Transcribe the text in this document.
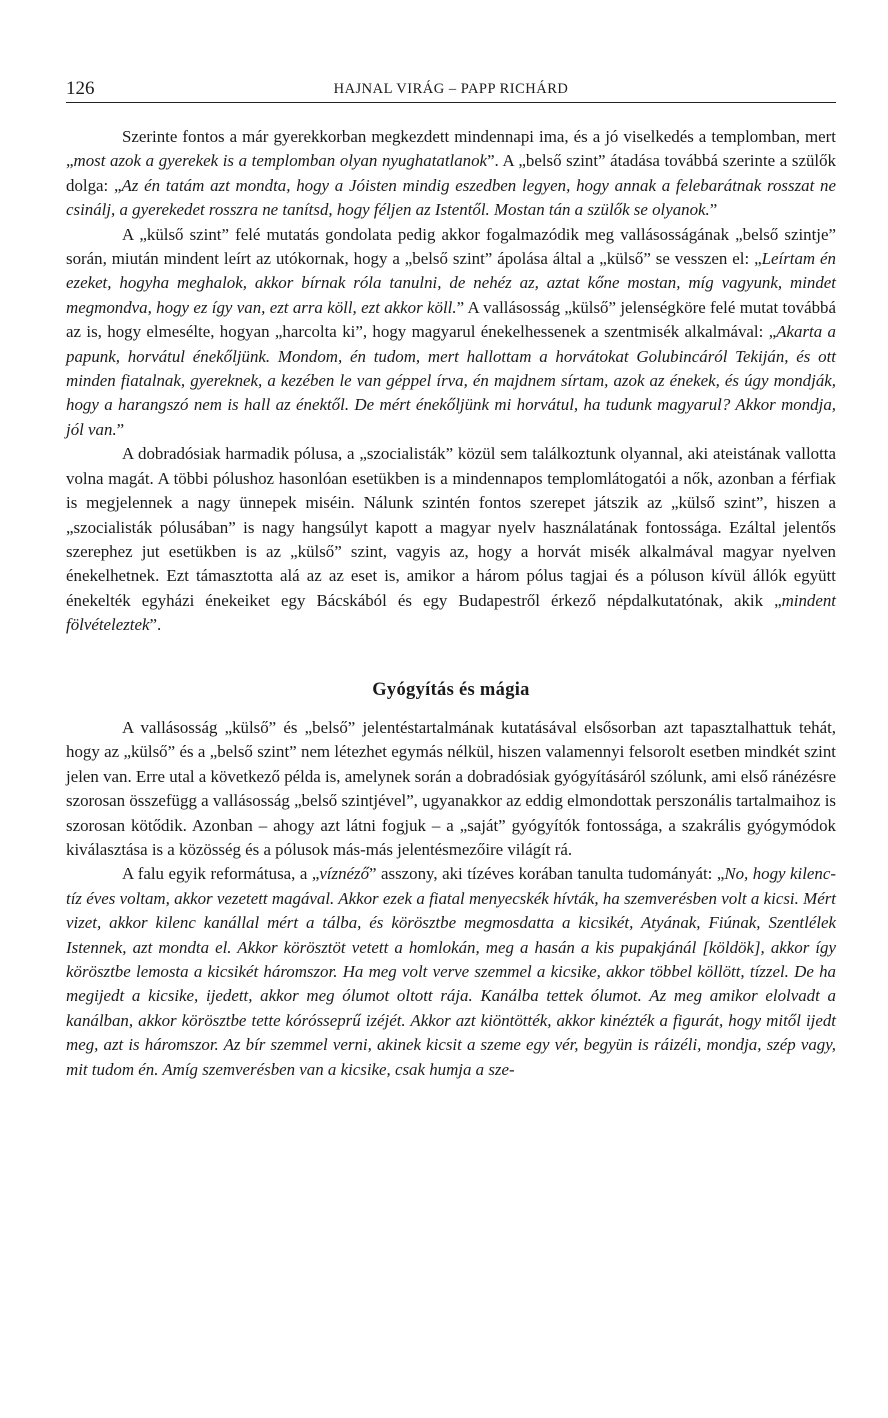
126	HAJNAL VIRÁG – PAPP RICHÁRD

Szerinte fontos a már gyerekkorban megkezdett mindennapi ima, és a jó viselkedés a templomban, mert „most azok a gyerekek is a templomban olyan nyughatatlanok”. A „belső szint” átadása továbbá szerinte a szülők dolga: „Az én tatám azt mondta, hogy a Jóisten mindig eszedben legyen, hogy annak a felebarátnak rosszat ne csinálj, a gyerekedet rosszra ne tanítsd, hogy féljen az Istentől. Mostan tán a szülők se olyanok.”

A „külső szint” felé mutatás gondolata pedig akkor fogalmazódik meg vallásosságának „belső szintje” során, miután mindent leírt az utókornak, hogy a „belső szint” ápolása által a „külső” se vesszen el: „Leírtam én ezeket, hogyha meghalok, akkor bírnak róla tanulni, de nehéz az, aztat kőne mostan, míg vagyunk, mindet megmondva, hogy ez így van, ezt arra köll, ezt akkor köll.” A vallásosság „külső” jelenségköre felé mutat továbbá az is, hogy elmesélte, hogyan „harcolta ki”, hogy magyarul énekelhessenek a szentmisék alkalmával: „Akarta a papunk, horvátul énekőljünk. Mondom, én tudom, mert hallottam a horvátokat Golubincáról Tekiján, és ott minden fiatalnak, gyereknek, a kezében le van géppel írva, én majdnem sírtam, azok az énekek, és úgy mondják, hogy a harangszó nem is hall az énektől. De mért énekőljünk mi horvátul, ha tudunk magyarul? Akkor mondja, jól van.”

A dobradósiak harmadik pólusa, a „szocialisták” közül sem találkoztunk olyannal, aki ateistának vallotta volna magát. A többi pólushoz hasonlóan esetükben is a mindennapos templomlátogatói a nők, azonban a férfiak is megjelennek a nagy ünnepek miséin. Nálunk szintén fontos szerepet játszik az „külső szint”, hiszen a „szocialisták pólusában” is nagy hangsúlyt kapott a magyar nyelv használatának fontossága. Ezáltal jelentős szerephez jut esetükben is az „külső” szint, vagyis az, hogy a horvát misék alkalmával magyar nyelven énekelhetnek. Ezt támasztotta alá az az eset is, amikor a három pólus tagjai és a póluson kívül állók együtt énekelték egyházi énekeiket egy Bácskából és egy Budapestről érkező népdalkutatónak, akik „mindent fölvételeztek”.

Gyógyítás és mágia

A vallásosság „külső” és „belső” jelentéstartalmának kutatásával elsősorban azt tapasztalhattuk tehát, hogy az „külső” és a „belső szint” nem létezhet egymás nélkül, hiszen valamennyi felsorolt esetben mindkét szint jelen van. Erre utal a következő példa is, amelynek során a dobradósiak gyógyításáról szólunk, ami első ránézésre szorosan összefügg a vallásosság „belső szintjével”, ugyanakkor az eddig elmondottak perszonális tartalmaihoz is szorosan kötődik. Azonban – ahogy azt látni fogjuk – a „saját” gyógyítók fontossága, a szakrális gyógymódok kiválasztása is a közösség és a pólusok más-más jelentésmezőire világít rá.

A falu egyik reformátusa, a „víznéző” asszony, aki tízéves korában tanulta tudományát: „No, hogy kilenc-tíz éves voltam, akkor vezetett magával. Akkor ezek a fiatal menyecskék hívták, ha szemverésben volt a kicsi. Mért vizet, akkor kilenc kanállal mért a tálba, és körösztbe megmosdatta a kicsikét, Atyának, Fiúnak, Szentlélek Istennek, azt mondta el. Akkor körösztöt vetett a homlokán, meg a hasán a kis pupakjánál [köldök], akkor így körösztbe lemosta a kicsikét háromszor. Ha meg volt verve szemmel a kicsike, akkor többel köllött, tízzel. De ha megijedt a kicsike, ijedett, akkor meg ólumot oltott rája. Kanálba tettek ólumot. Az meg amikor elolvadt a kanálban, akkor körösztbe tette kórósseprű izéjét. Akkor azt kiöntötték, akkor kinézték a figurát, hogy mitől ijedt meg, azt is háromszor. Az bír szemmel verni, akinek kicsit a szeme egy vér, begyün is ráizéli, mondja, szép vagy, mit tudom én. Amíg szemverésben van a kicsike, csak humja a sze-
